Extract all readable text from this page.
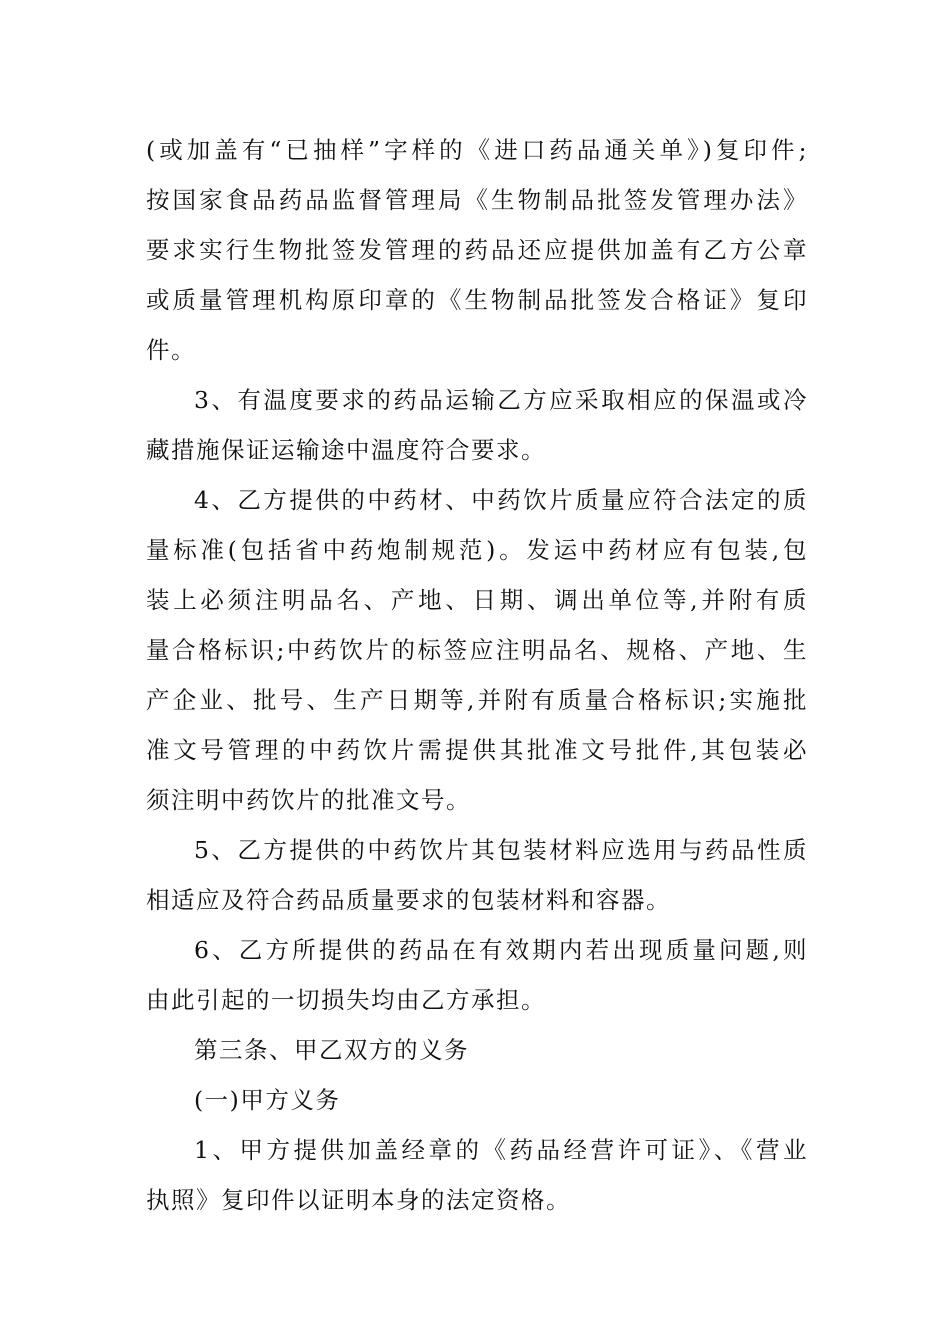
(或加盖有“已抽样”字样的《进口药品通关单》)复印件;
按国家食品药品监督管理局《生物制品批签发管理办法》
要求实行生物批签发管理的药品还应提供加盖有乙方公章
或质量管理机构原印章的《生物制品批签发合格证》复印
件。
3、有温度要求的药品运输乙方应采取相应的保温或冷
藏措施保证运输途中温度符合要求。
4、乙方提供的中药材、中药饮片质量应符合法定的质
量标准(包括省中药炮制规范)。发运中药材应有包装,包
装上必须注明品名、产地、日期、调出单位等,并附有质
量合格标识;中药饮片的标签应注明品名、规格、产地、生
产企业、批号、生产日期等,并附有质量合格标识;实施批
准文号管理的中药饮片需提供其批准文号批件,其包装必
须注明中药饮片的批准文号。
5、乙方提供的中药饮片其包装材料应选用与药品性质
相适应及符合药品质量要求的包装材料和容器。
6、乙方所提供的药品在有效期内若出现质量问题,则
由此引起的一切损失均由乙方承担。
第三条、甲乙双方的义务
(一)甲方义务
1、甲方提供加盖经章的《药品经营许可证》、《营业
执照》复印件以证明本身的法定资格。
